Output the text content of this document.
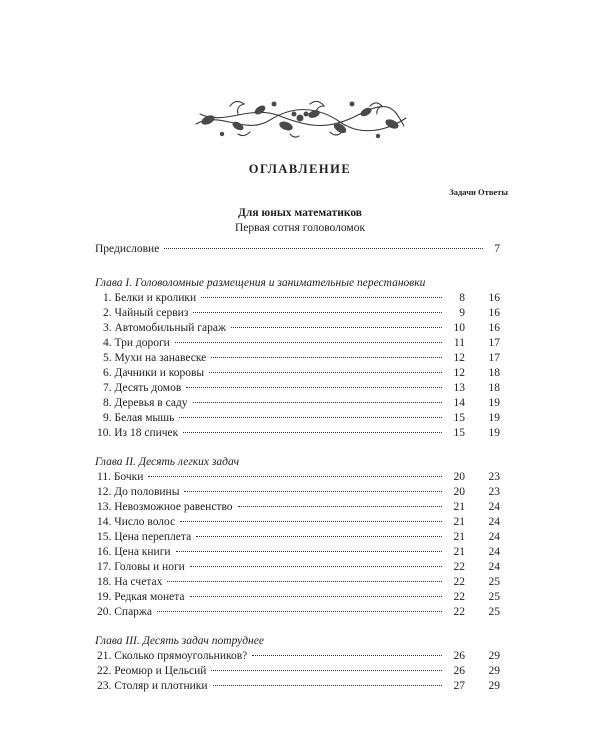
ОГЛАВЛЕНИЕ
Задачи Ответы
Для юных математиков
Первая сотня головоломок
Предисловие	7
Глава I. Головоломные размещения и занимательные перестановки
1. Белки и кролики	8	16
2. Чайный сервиз	9	16
3. Автомобильный гараж	10	16
4. Три дороги	11	17
5. Мухи на занавеске	12	17
6. Дачники и коровы	12	18
7. Десять домов	13	18
8. Деревья в саду	14	19
9. Белая мышь	15	19
10. Из 18 спичек	15	19
Глава II. Десять легких задач
11. Бочки	20	23
12. До половины	20	23
13. Невозможное равенство	21	24
14. Число волос	21	24
15. Цена переплета	21	24
16. Цена книги	21	24
17. Головы и ноги	22	24
18. На счетах	22	25
19. Редкая монета	22	25
20. Спаржа	22	25
Глава III. Десять задач потруднее
21. Сколько прямоугольников?	26	29
22. Реомюр и Цельсий	26	29
23. Столяр и плотники	27	29
